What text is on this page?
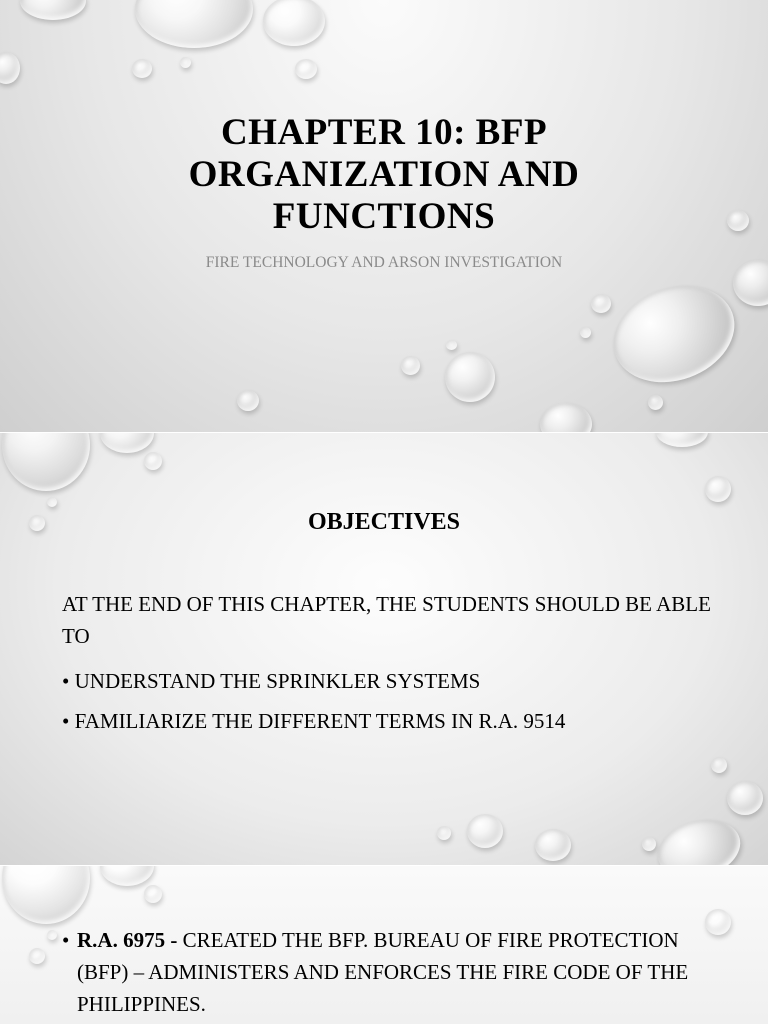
CHAPTER 10: BFP ORGANIZATION AND FUNCTIONS

FIRE TECHNOLOGY AND ARSON INVESTIGATION

OBJECTIVES

AT THE END OF THIS CHAPTER, THE STUDENTS SHOULD BE ABLE TO

• UNDERSTAND THE SPRINKLER SYSTEMS
• FAMILIARIZE THE DIFFERENT TERMS IN R.A. 9514

• R.A. 6975 - CREATED THE BFP. BUREAU OF FIRE PROTECTION (BFP) – ADMINISTERS AND ENFORCES THE FIRE CODE OF THE PHILIPPINES.
